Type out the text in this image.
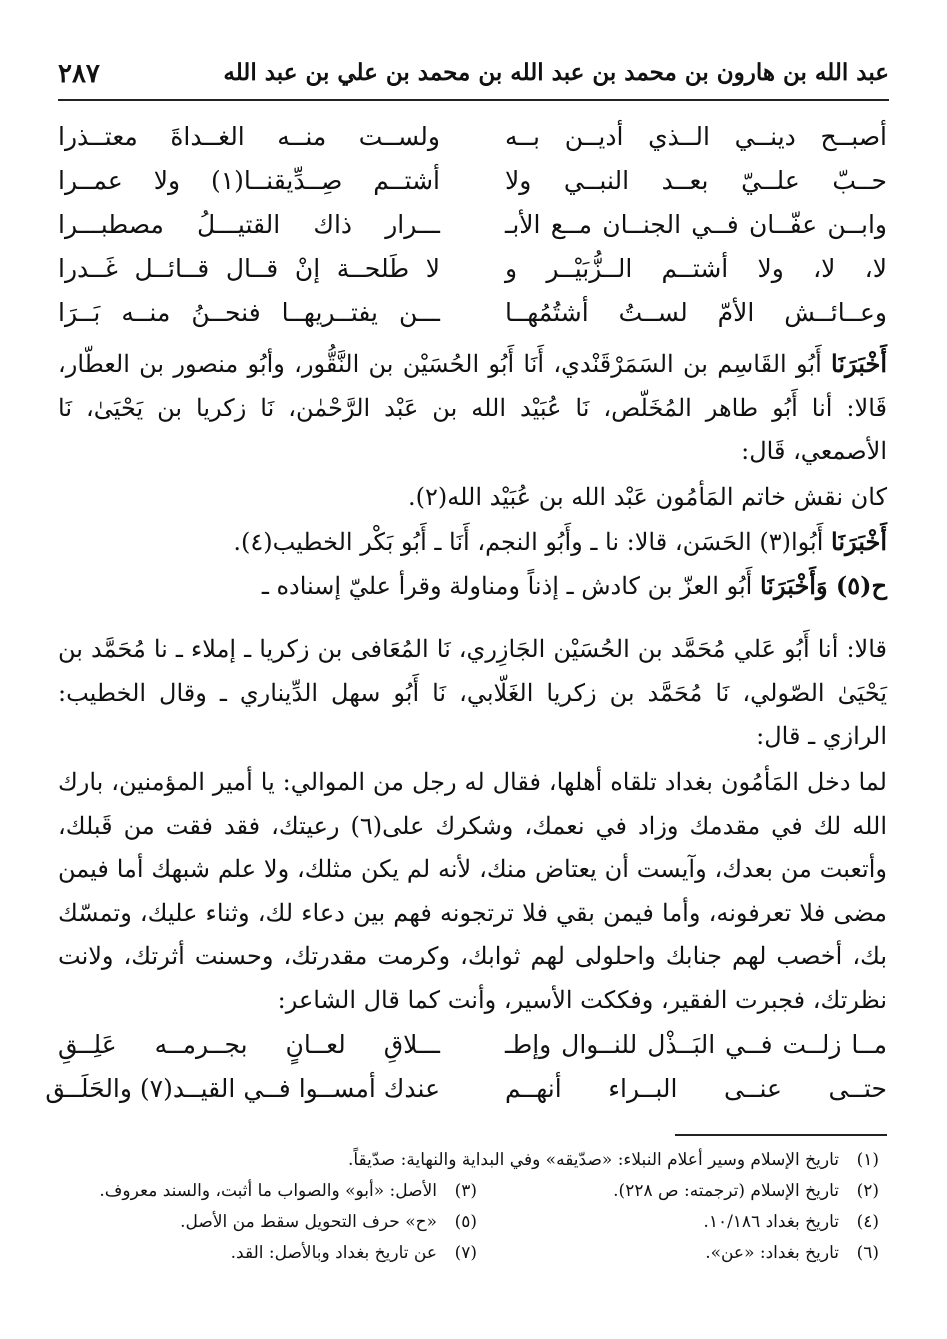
عبد الله بن هارون بن محمد بن عبد الله بن محمد بن علي بن عبد الله
٢٨٧
أصبــح دينــي الــذي أديــن بــه
ولســت منــه الغــداةَ معتــذرا
حــبّ علــيّ بعــد النبــي ولا
أشتــم صِــدِّيقنــا(١) ولا عمــرا
وابــن عفّــان فــي الجنــان مــع الأبـ
ـــرار ذاك القتيـــلُ مصطبـــرا
لا، لا، ولا أشتــم الــزُّبَيْــر و
لا طَلحــة إنْ قــال قــائــل غَــدرا
وعــائــش الأمّ لســتُ أشتُمُهــا
ـــن يفتــريهــا فنحــنُ منــه بَــرَا

أَخْبَرَنَا أَبُو القَاسِم بن السَمَرْقَنْدي، أَنَا أَبُو الحُسَيْن بن النَّقُّور، وأبُو منصور بن العطّار، قَالا: أنا أَبُو طاهر المُخَلّص، نَا عُبَيْد الله بن عَبْد الرَّحْمٰن، نَا زكريا بن يَحْيَىٰ، نَا الأصمعي، قَال:

كان نقش خاتم المَأمُون عَبْد الله بن عُبَيْد الله(٢).

أَخْبَرَنَا أَبُوا(٣) الحَسَن، قالا: نا ـ وأَبُو النجم، أَنَا ـ أَبُو بَكْر الخطيب(٤).

ح(٥) وَأَخْبَرَنَا أَبُو العزّ بن كادش ـ إذناً ومناولة وقرأ عليّ إسناده ـ

قالا: أنا أَبُو عَلي مُحَمَّد بن الحُسَيْن الجَازِري، نَا المُعَافى بن زكريا ـ إملاء ـ نا مُحَمَّد بن يَحْيَىٰ الصّولي، نَا مُحَمَّد بن زكريا الغَلّابي، نَا أَبُو سهل الدِّيناري ـ وقال الخطيب: الرازي ـ قال:

لما دخل المَأمُون بغداد تلقاه أهلها، فقال له رجل من الموالي: يا أمير المؤمنين، بارك الله لك في مقدمك وزاد في نعمك، وشكرك على(٦) رعيتك، فقد فقت من قَبلك، وأتعبت من بعدك، وآيست أن يعتاض منك، لأنه لم يكن مثلك، ولا علم شبهك أما فيمن مضى فلا تعرفونه، وأما فيمن بقي فلا ترتجونه فهم بين دعاء لك، وثناء عليك، وتمسّك بك، أخصب لهم جنابك واحلولى لهم ثوابك، وكرمت مقدرتك، وحسنت أثرتك، ولانت نظرتك، فجبرت الفقير، وفككت الأسير، وأنت كما قال الشاعر:

مــا زلــت فــي البَــذْل للنــوال وإطـ
ـــلاقِ لعــانٍ بجــرمــه عَلِــقِ
حتــى عنــى البــراء أنهــم
عندك أمســوا فــي القيــد(٧) والحَلَــق
(١)تاريخ الإسلام وسير أعلام النبلاء: «صدّيقه» وفي البداية والنهاية: صدّيقاً.
(٢)تاريخ الإسلام (ترجمته: ص ٢٢٨).
(٣)الأصل: «أبو» والصواب ما أثبت، والسند معروف.
(٤)تاريخ بغداد ١٠/١٨٦.
(٥)«ح» حرف التحويل سقط من الأصل.
(٦)تاريخ بغداد: «عن».
(٧)عن تاريخ بغداد وبالأصل: القد.
